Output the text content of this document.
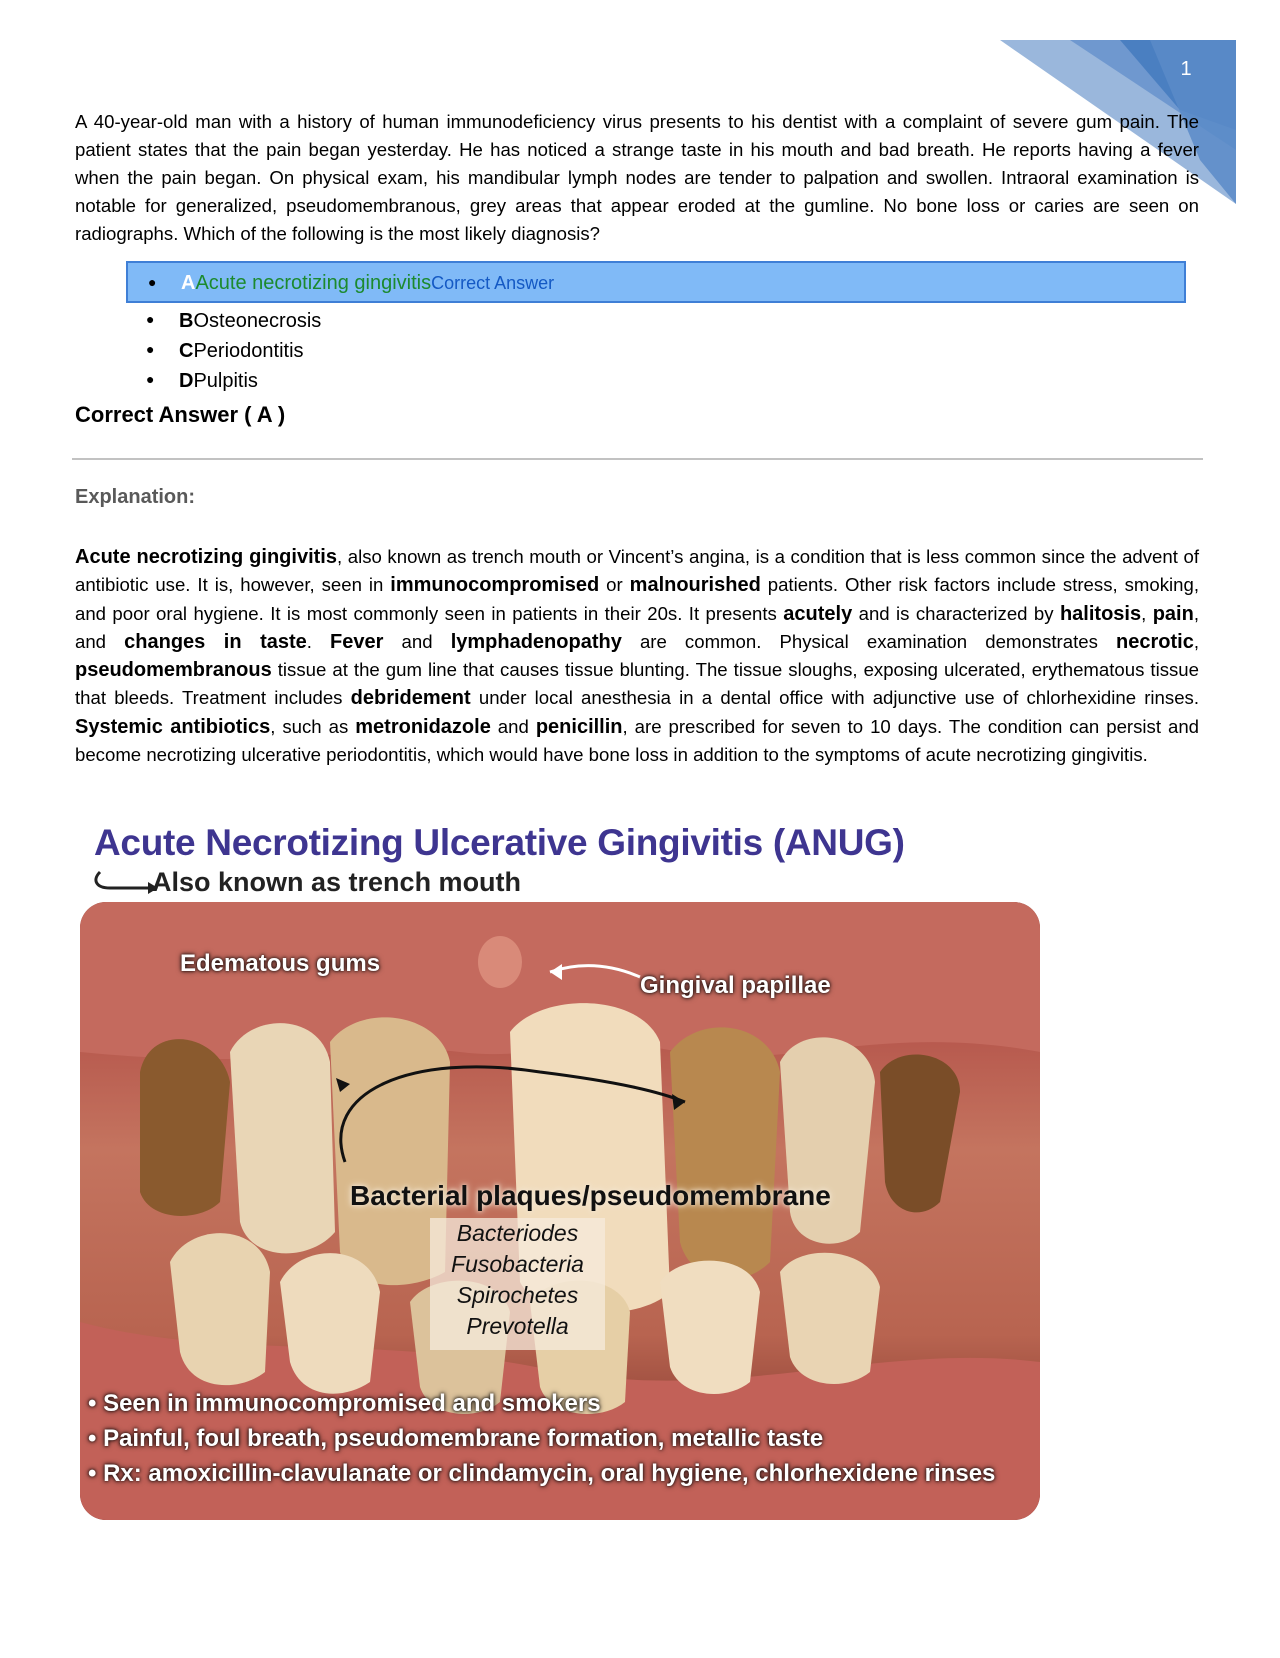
1
A 40-year-old man with a history of human immunodeficiency virus presents to his dentist with a complaint of severe gum pain. The patient states that the pain began yesterday. He has noticed a strange taste in his mouth and bad breath. He reports having a fever when the pain began. On physical exam, his mandibular lymph nodes are tender to palpation and swollen. Intraoral examination is notable for generalized, pseudomembranous, grey areas that appear eroded at the gumline. No bone loss or caries are seen on radiographs. Which of the following is the most likely diagnosis?
● AAcute necrotizing gingivitisCorrect Answer
● BOsteonecrosis
● CPeriodontitis
● DPulpitis
Correct Answer ( A )
Explanation:
Acute necrotizing gingivitis, also known as trench mouth or Vincent’s angina, is a condition that is less common since the advent of antibiotic use. It is, however, seen in immunocompromised or malnourished patients. Other risk factors include stress, smoking, and poor oral hygiene. It is most commonly seen in patients in their 20s. It presents acutely and is characterized by halitosis, pain, and changes in taste. Fever and lymphadenopathy are common. Physical examination demonstrates necrotic, pseudomembranous tissue at the gum line that causes tissue blunting. The tissue sloughs, exposing ulcerated, erythematous tissue that bleeds. Treatment includes debridement under local anesthesia in a dental office with adjunctive use of chlorhexidine rinses. Systemic antibiotics, such as metronidazole and penicillin, are prescribed for seven to 10 days. The condition can persist and become necrotizing ulcerative periodontitis, which would have bone loss in addition to the symptoms of acute necrotizing gingivitis.
Acute Necrotizing Ulcerative Gingivitis (ANUG)
Also known as trench mouth
Edematous gums
Gingival papillae
Bacterial plaques/pseudomembrane
Bacteriodes
Fusobacteria
Spirochetes
Prevotella
• Seen in immunocompromised and smokers
• Painful, foul breath, pseudomembrane formation, metallic taste
• Rx: amoxicillin-clavulanate or clindamycin, oral hygiene, chlorhexidene rinses
